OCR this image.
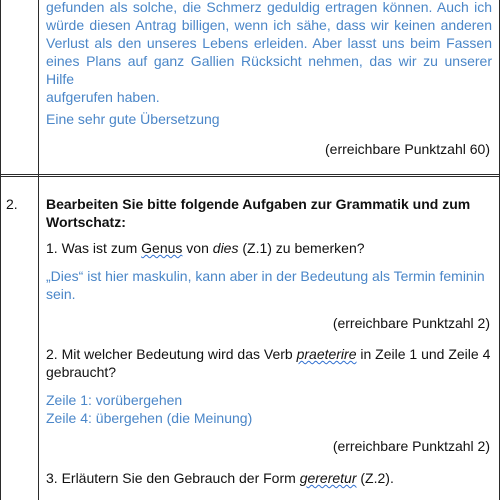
gefunden als solche, die Schmerz geduldig ertragen können. Auch ich

würde diesen Antrag billigen, wenn ich sähe, dass wir keinen anderen

Verlust als den unseres Lebens erleiden. Aber lasst uns beim Fassen

eines Plans auf ganz Gallien Rücksicht nehmen, das wir zu unserer Hilfe

aufgerufen haben.

Eine sehr gute Übersetzung

(erreichbare Punktzahl 60)

2. Bearbeiten Sie bitte folgende Aufgaben zur Grammatik und zum

Wortschatz:

1. Was ist zum Genus von dies (Z.1) zu bemerken?

„Dies“ ist hier maskulin, kann aber in der Bedeutung als Termin feminin

sein.

(erreichbare Punktzahl 2)

2. Mit welcher Bedeutung wird das Verb praeterire in Zeile 1 und Zeile 4

gebraucht?

Zeile 1: vorübergehen

Zeile 4: übergehen (die Meinung)

(erreichbare Punktzahl 2)

3. Erläutern Sie den Gebrauch der Form gereretur (Z.2).
